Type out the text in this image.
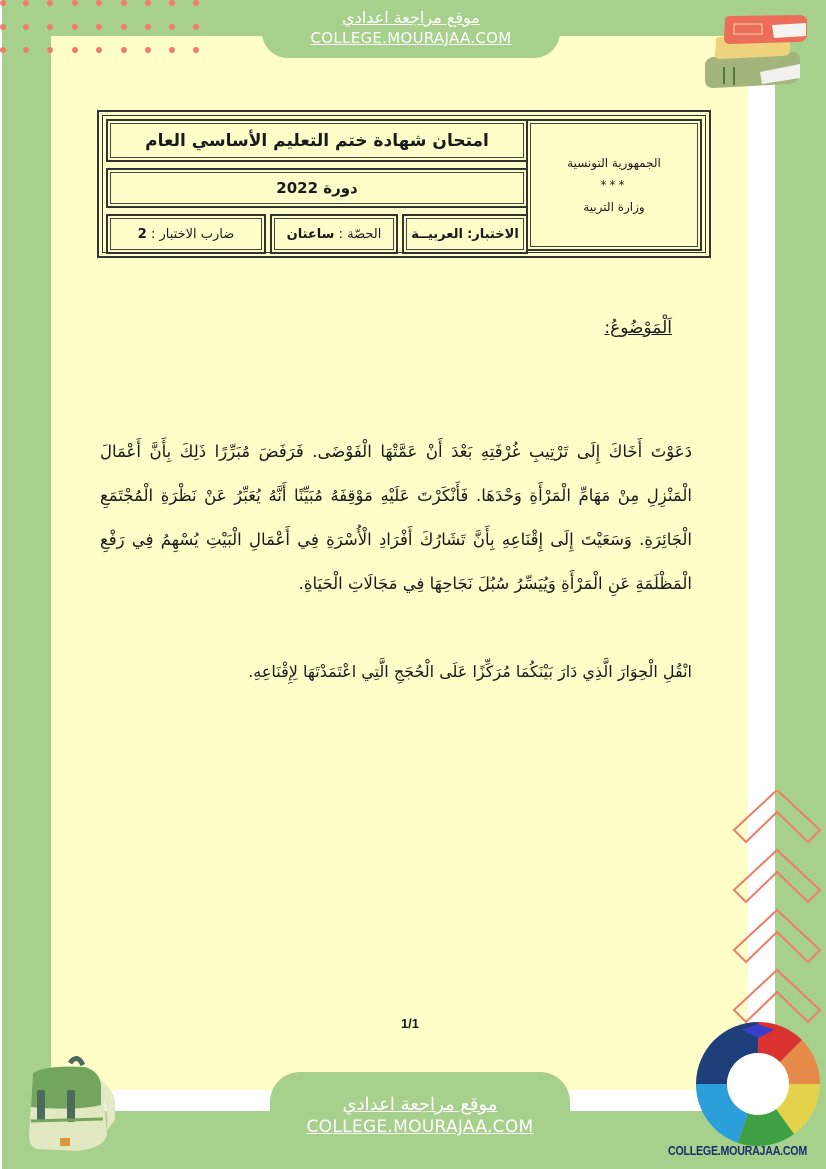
موقع مراجعة اعدادي
COLLEGE.MOURAJAA.COM
الجمهورية التونسية
***
وزارة التربية
امتحان شهادة ختم التعليم الأساسي العام
دورة 2022
الاختبار:

العربيــة
الحصّة :

ساعتان
ضارب الاختبار :

2
اَلْمَوْضُوعُ:

دَعَوْتَ أَخَاكَ إِلَى تَرْتِيبِ غُرْفَتِهِ بَعْدَ أَنْ عَمَّتْهَا الْفَوْضَى. فَرَفَضَ مُبَرِّرًا ذَلِكَ بِأَنَّ أَعْمَالَ الْمَنْزِلِ مِنْ مَهَامِّ الْمَرْأَةِ وَحْدَهَا. فَأَنْكَرْتَ عَلَيْهِ مَوْقِفَهُ مُبَيِّنًا أَنَّهُ يُعَبِّرُ عَنْ نَظْرَةِ الْمُجْتَمَعِ الْجَائِرَةِ. وَسَعَيْتَ إِلَى إِقْنَاعِهِ بِأَنَّ تَشَارُكَ أَفْرَادِ الْأُسْرَةِ فِي أَعْمَالِ الْبَيْتِ يُسْهِمُ فِي رَفْعِ الْمَظْلَمَةِ عَنِ الْمَرْأَةِ وَيُيَسِّرُ سُبُلَ نَجَاحِهَا فِي مَجَالَاتِ الْحَيَاةِ.

انْقُلِ الْحِوَارَ الَّذِي دَارَ بَيْنَكُمَا مُرَكِّزًا عَلَى الْحُجَجِ الَّتِي اعْتَمَدْتَهَا لِإِقْنَاعِهِ.

1/1
موقع مراجعة اعدادي
COLLEGE.MOURAJAA.COM
COLLEGE.MOURAJAA.COM
